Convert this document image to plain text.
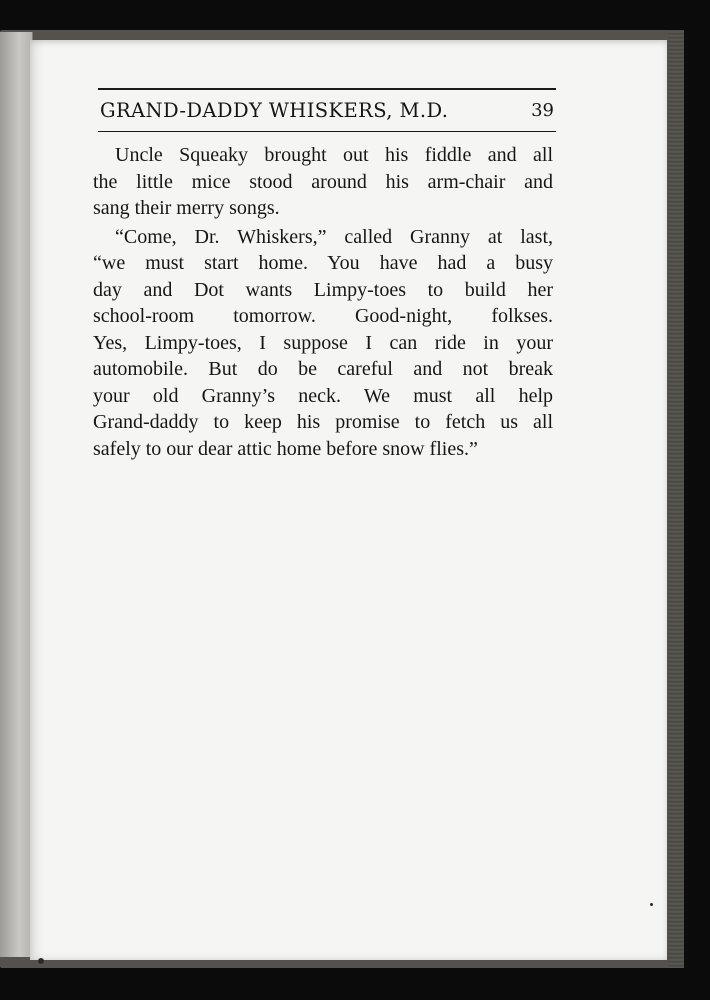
GRAND-DADDY WHISKERS, M.D.	39
Uncle Squeaky brought out his fiddle and all
the little mice stood around his arm-chair and
sang their merry songs.
“Come, Dr. Whiskers,” called Granny at last,
“we must start home. You have had a busy
day and Dot wants Limpy-toes to build her
school-room tomorrow. Good-night, folkses.
Yes, Limpy-toes, I suppose I can ride in your
automobile. But do be careful and not break
your old Granny’s neck. We must all help
Grand-daddy to keep his promise to fetch us all
safely to our dear attic home before snow flies.”
